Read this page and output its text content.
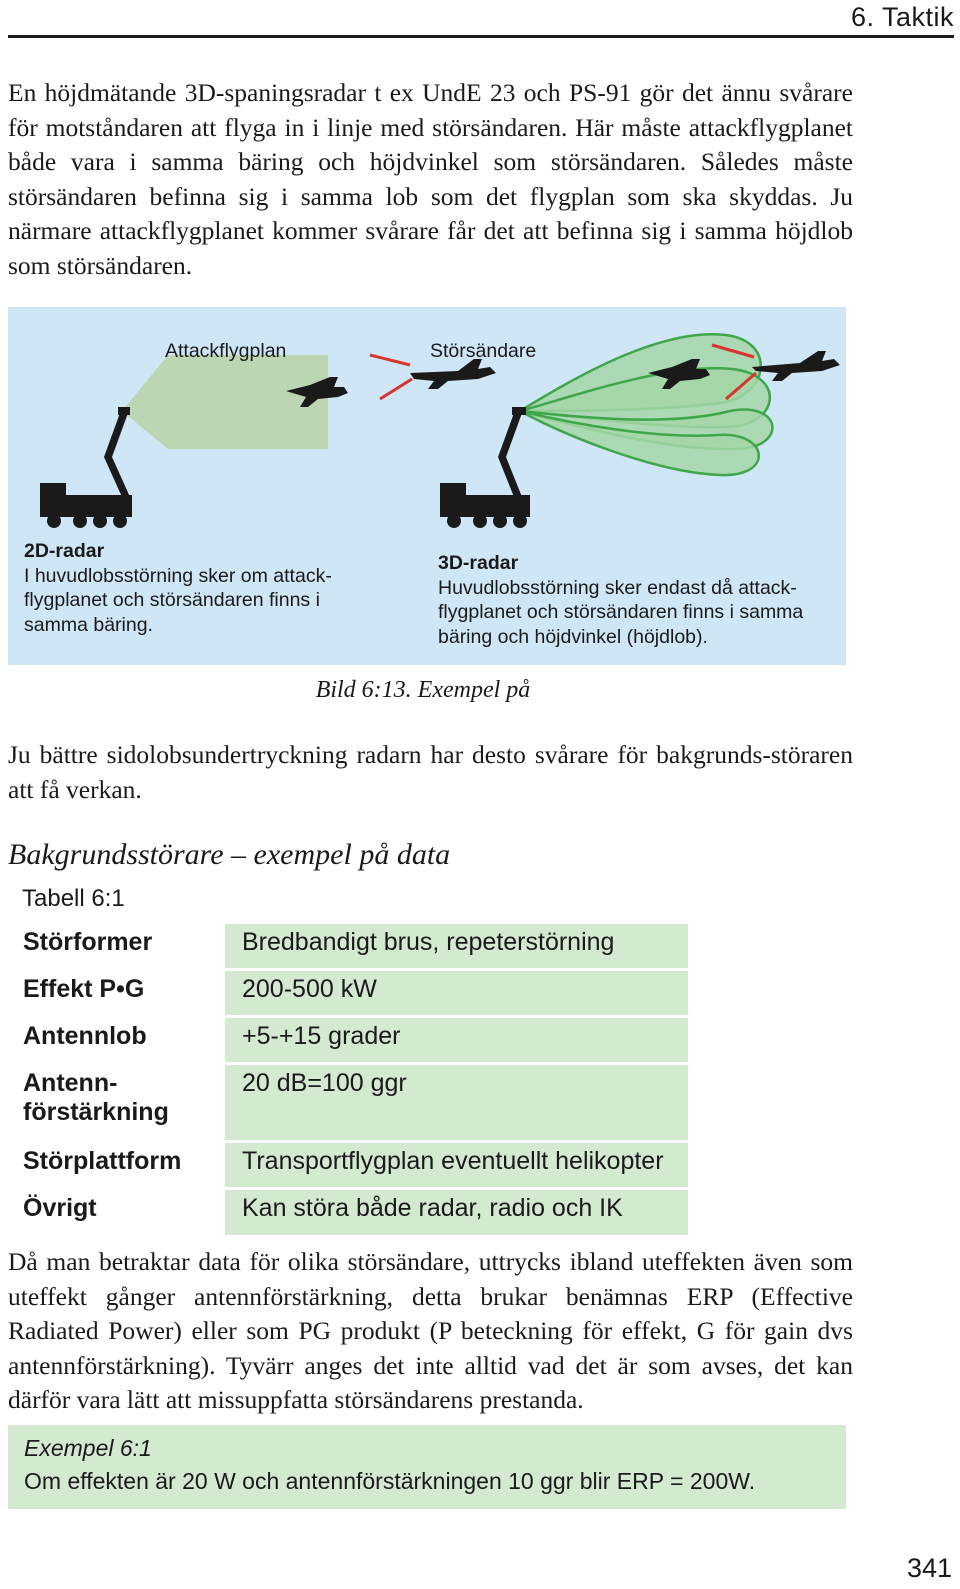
6. Taktik
En höjdmätande 3D-spaningsradar t ex UndE 23 och PS-91 gör det ännu svårare för motståndaren att flyga in i linje med störsändaren. Här måste attackflygplanet både vara i samma bäring och höjdvinkel som störsändaren. Således måste störsändaren befinna sig i samma lob som det flygplan som ska skyddas. Ju närmare attackflygplanet kommer svårare får det att befinna sig i samma höjdlob som störsändaren.
Attackflygplan	Störsändare
2D-radar
I huvudlobsstörning sker om attack-flygplanet och störsändaren finns i samma bäring.
3D-radar
Huvudlobsstörning sker endast då attack-flygplanet och störsändaren finns i samma bäring och höjdvinkel (höjdlob).
Bild 6:13. Exempel på
Ju bättre sidolobsundertryckning radarn har desto svårare för bakgrunds-störaren att få verkan.
Bakgrundsstörare – exempel på data
Tabell 6:1
Störformer	Bredbandigt brus, repeterstörning
Effekt P•G	200-500 kW
Antennlob	+5-+15 grader
Antenn-förstärkning	20 dB=100 ggr
Störplattform	Transportflygplan eventuellt helikopter
Övrigt	Kan störa både radar, radio och IK
Då man betraktar data för olika störsändare, uttrycks ibland uteffekten även som uteffekt gånger antennförstärkning, detta brukar benämnas ERP (Effective Radiated Power) eller som PG produkt (P beteckning för effekt, G för gain dvs antennförstärkning). Tyvärr anges det inte alltid vad det är som avses, det kan därför vara lätt att missuppfatta störsändarens prestanda.
Exempel 6:1
Om effekten är 20 W och antennförstärkningen 10 ggr blir ERP = 200W.
341
